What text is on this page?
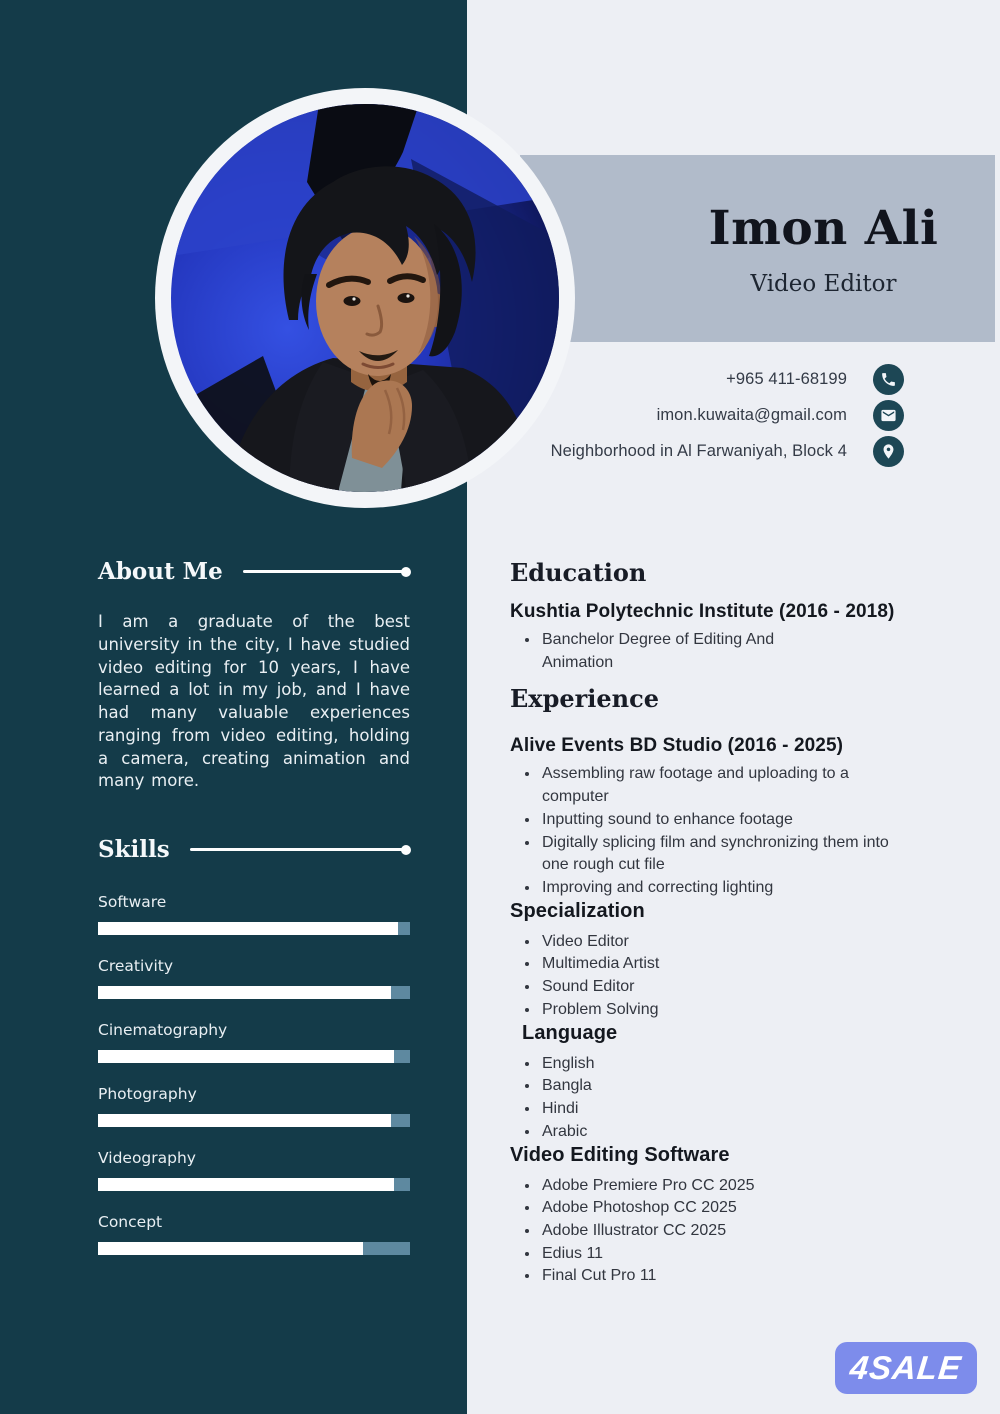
Imon Ali
Video Editor
+965 411-68199
imon.kuwaita@gmail.com
Neighborhood in Al Farwaniyah, Block 4
About Me

I am a graduate of the best university in the city, I have studied video editing for 10 years, I have learned a lot in my job, and I have had many valuable experiences ranging from video editing, holding a camera, creating animation and many more.

Skills
Software
Creativity
Cinematography
Photography
Videography
Concept
Education
Kushtia Polytechnic Institute (2016 - 2018)
• Banchelor Degree of Editing And Animation
Experience
Alive Events BD Studio (2016 - 2025)
• Assembling raw footage and uploading to a computer
• Inputting sound to enhance footage
• Digitally splicing film and synchronizing them into one rough cut file
• Improving and correcting lighting
Specialization
• Video Editor
• Multimedia Artist
• Sound Editor
• Problem Solving
Language
• English
• Bangla
• Hindi
• Arabic
Video Editing Software
• Adobe Premiere Pro CC 2025
• Adobe Photoshop CC 2025
• Adobe Illustrator CC 2025
• Edius 11
• Final Cut Pro 11
4SALE
